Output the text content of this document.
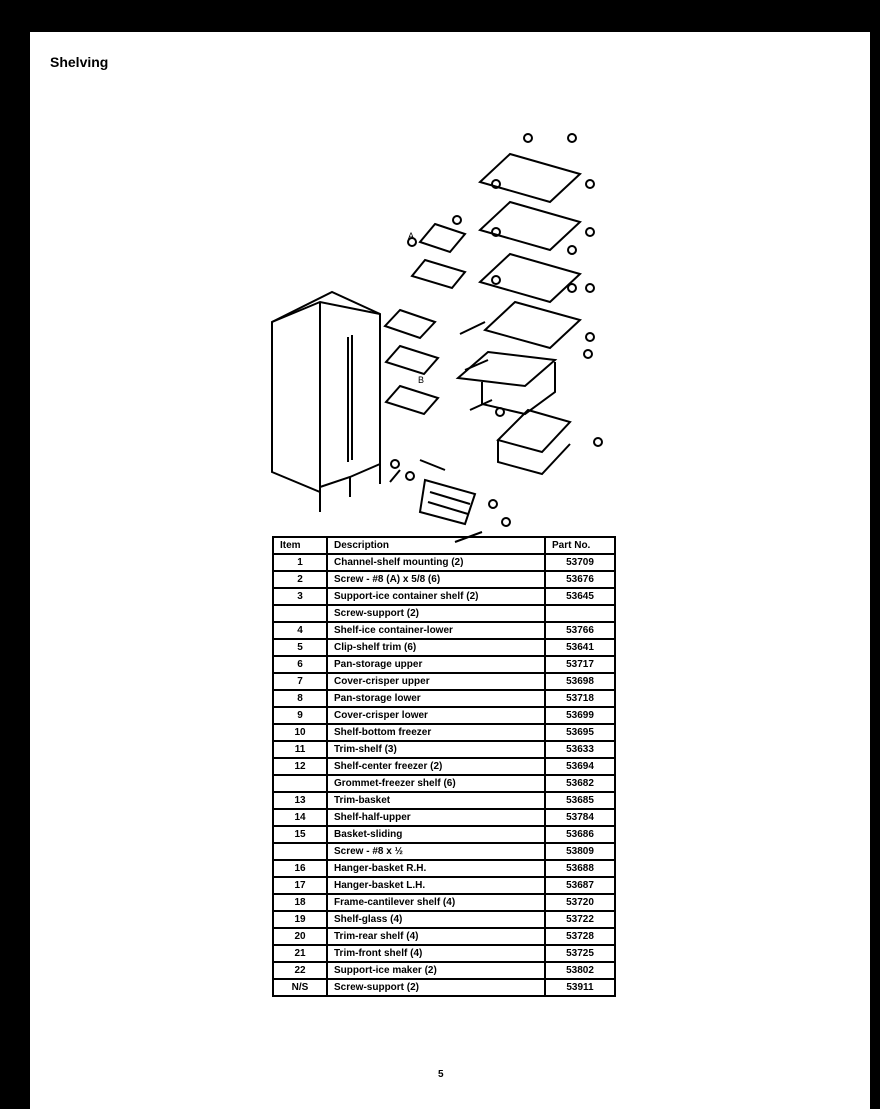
Shelving
A
B
Item	Description	Part No.
1	Channel-shelf mounting (2)	53709
2	Screw - #8 (A) x 5/8 (6)	53676
3	Support-ice container shelf (2)	53645
	Screw-support (2)	
4	Shelf-ice container-lower	53766
5	Clip-shelf trim (6)	53641
6	Pan-storage upper	53717
7	Cover-crisper upper	53698
8	Pan-storage lower	53718
9	Cover-crisper lower	53699
10	Shelf-bottom freezer	53695
11	Trim-shelf (3)	53633
12	Shelf-center freezer (2)	53694
	Grommet-freezer shelf (6)	53682
13	Trim-basket	53685
14	Shelf-half-upper	53784
15	Basket-sliding	53686
	Screw - #8 x ½	53809
16	Hanger-basket R.H.	53688
17	Hanger-basket L.H.	53687
18	Frame-cantilever shelf (4)	53720
19	Shelf-glass (4)	53722
20	Trim-rear shelf (4)	53728
21	Trim-front shelf (4)	53725
22	Support-ice maker (2)	53802
N/S	Screw-support (2)	53911
5
